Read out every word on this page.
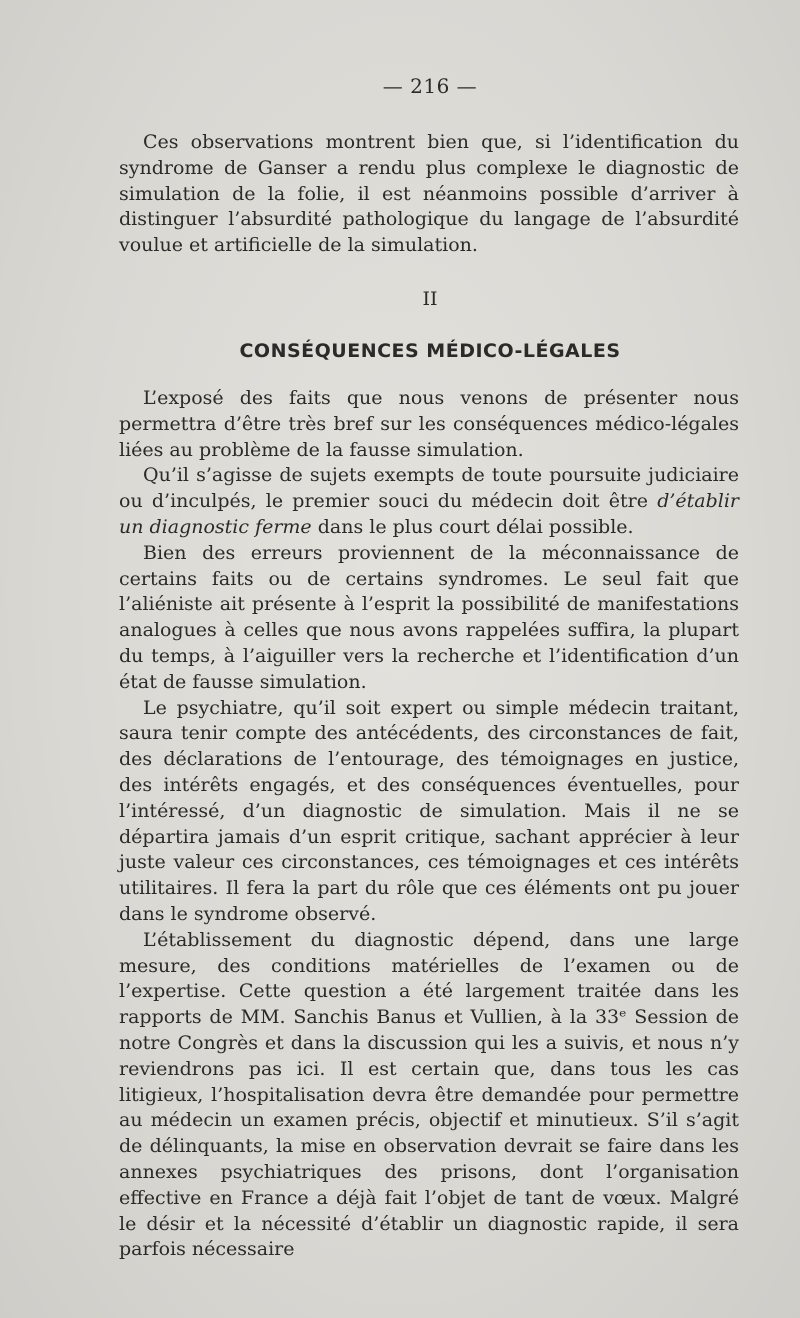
— 216 —

Ces observations montrent bien que, si l’identification du syndrome de Ganser a rendu plus complexe le diagnostic de simulation de la folie, il est néanmoins possible d’arriver à distinguer l’absurdité pathologique du langage de l’absurdité voulue et artificielle de la simulation.

II
CONSÉQUENCES MÉDICO-LÉGALES

L’exposé des faits que nous venons de présenter nous permettra d’être très bref sur les conséquences médico-légales liées au problème de la fausse simulation.

Qu’il s’agisse de sujets exempts de toute poursuite judiciaire ou d’inculpés, le premier souci du médecin doit être d’établir un diagnostic ferme dans le plus court délai possible.

Bien des erreurs proviennent de la méconnaissance de certains faits ou de certains syndromes. Le seul fait que l’aliéniste ait présente à l’esprit la possibilité de manifestations analogues à celles que nous avons rappelées suffira, la plupart du temps, à l’aiguiller vers la recherche et l’identification d’un état de fausse simulation.

Le psychiatre, qu’il soit expert ou simple médecin traitant, saura tenir compte des antécédents, des circonstances de fait, des déclarations de l’entourage, des témoignages en justice, des intérêts engagés, et des conséquences éventuelles, pour l’intéressé, d’un diagnostic de simulation. Mais il ne se départira jamais d’un esprit critique, sachant apprécier à leur juste valeur ces circonstances, ces témoignages et ces intérêts utilitaires. Il fera la part du rôle que ces éléments ont pu jouer dans le syndrome observé.

L’établissement du diagnostic dépend, dans une large mesure, des conditions matérielles de l’examen ou de l’expertise. Cette question a été largement traitée dans les rapports de MM. Sanchis Banus et Vullien, à la 33ᵉ Session de notre Congrès et dans la discussion qui les a suivis, et nous n’y reviendrons pas ici. Il est certain que, dans tous les cas litigieux, l’hospitalisation devra être demandée pour permettre au médecin un examen précis, objectif et minutieux. S’il s’agit de délinquants, la mise en observation devrait se faire dans les annexes psychiatriques des prisons, dont l’organisation effective en France a déjà fait l’objet de tant de vœux. Malgré le désir et la nécessité d’établir un diagnostic rapide, il sera parfois nécessaire
